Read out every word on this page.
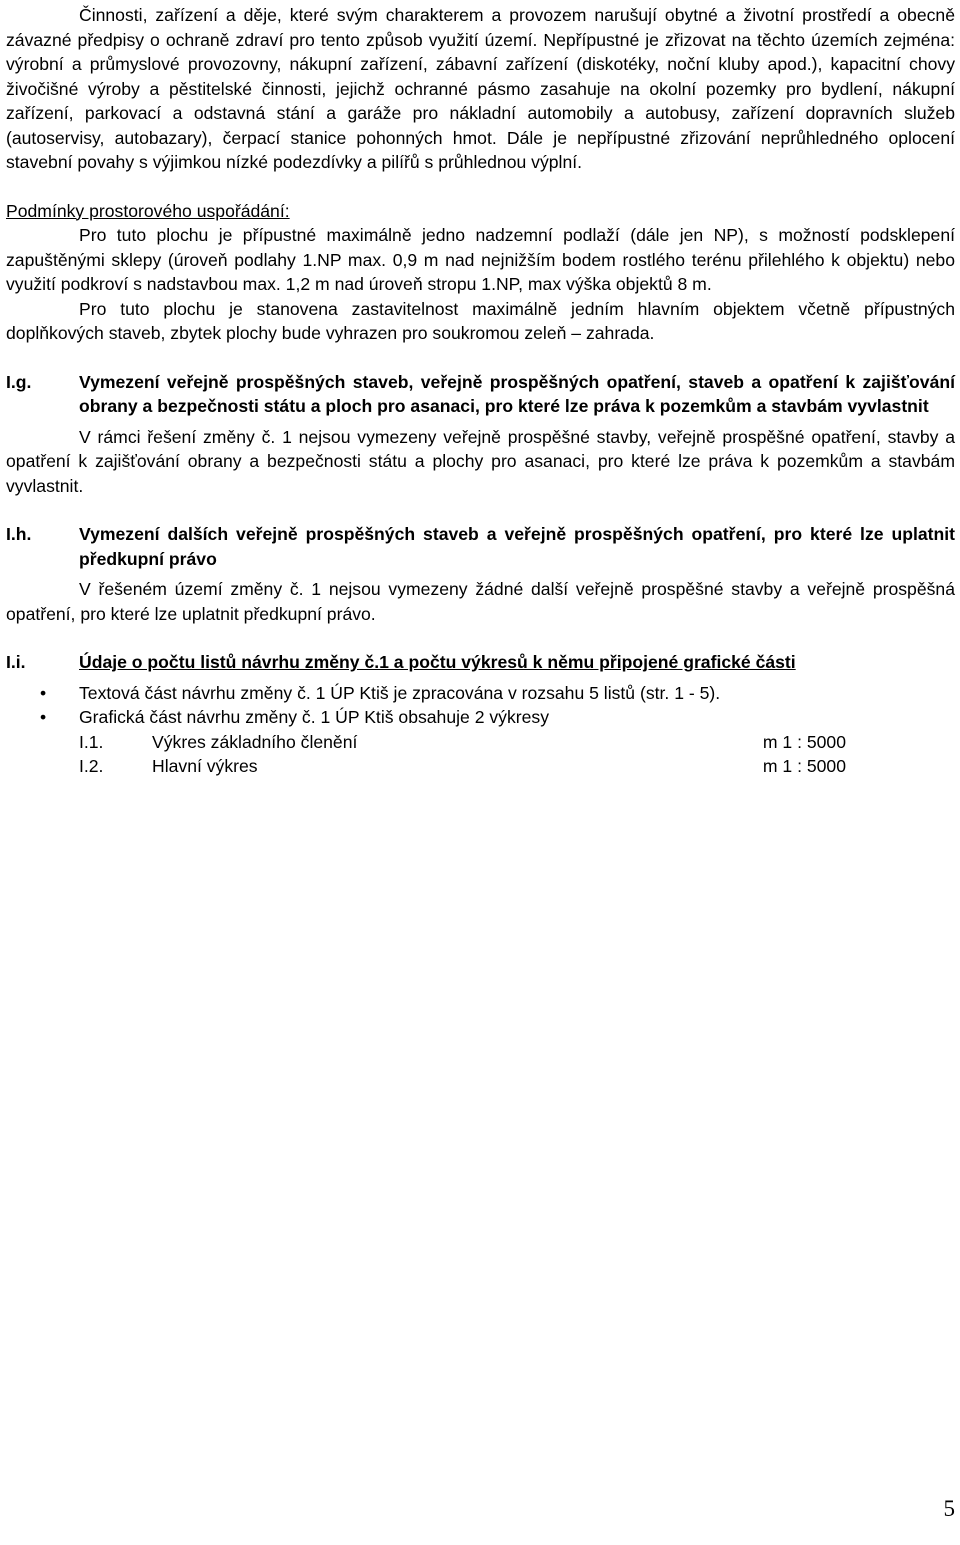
Činnosti, zařízení a děje, které svým charakterem a provozem narušují obytné a životní prostředí a obecně závazné předpisy o ochraně zdraví pro tento způsob využití území. Nepřípustné je zřizovat na těchto územích zejména: výrobní a průmyslové provozovny, nákupní zařízení, zábavní zařízení (diskotéky, noční kluby apod.), kapacitní chovy živočišné výroby a pěstitelské činnosti, jejichž ochranné pásmo zasahuje na okolní pozemky pro bydlení, nákupní zařízení, parkovací a odstavná stání a garáže pro nákladní automobily a autobusy, zařízení dopravních služeb (autoservisy, autobazary), čerpací stanice pohonných hmot. Dále je nepřípustné zřizování neprůhledného oplocení stavební povahy s výjimkou nízké podezdívky a pilířů s průhlednou výplní.

Podmínky prostorového uspořádání:

Pro tuto plochu je přípustné maximálně jedno nadzemní podlaží (dále jen NP), s možností podsklepení zapuštěnými sklepy (úroveň podlahy 1.NP max. 0,9 m nad nejnižším bodem rostlého terénu přilehlého k objektu) nebo využití podkroví s nadstavbou max. 1,2 m nad úroveň stropu 1.NP, max výška objektů 8 m.

Pro tuto plochu je stanovena zastavitelnost maximálně jedním hlavním objektem včetně přípustných doplňkových staveb, zbytek plochy bude vyhrazen pro soukromou zeleň – zahrada.

I.g.	Vymezení veřejně prospěšných staveb, veřejně prospěšných opatření, staveb a opatření k zajišťování obrany a bezpečnosti státu a ploch pro asanaci, pro které lze práva k pozemkům a stavbám vyvlastnit

V rámci řešení změny č. 1 nejsou vymezeny veřejně prospěšné stavby, veřejně prospěšné opatření, stavby a opatření k zajišťování obrany a bezpečnosti státu a plochy pro asanaci, pro které lze práva k pozemkům a stavbám vyvlastnit.

I.h.	Vymezení dalších veřejně prospěšných staveb a veřejně prospěšných opatření, pro které lze uplatnit předkupní právo

V řešeném území změny č. 1 nejsou vymezeny žádné další veřejně prospěšné stavby a veřejně prospěšná opatření, pro které lze uplatnit předkupní právo.

I.i.	Údaje o počtu listů návrhu změny č.1 a počtu výkresů k němu připojené grafické části
• Textová část návrhu změny č. 1 ÚP Ktiš je zpracována v rozsahu 5 listů (str. 1 - 5).
• Grafická část návrhu změny č. 1 ÚP Ktiš obsahuje 2 výkresy
I.1.	Výkres základního členění	m 1 : 5000
I.2.	Hlavní výkres	m 1 : 5000
5
